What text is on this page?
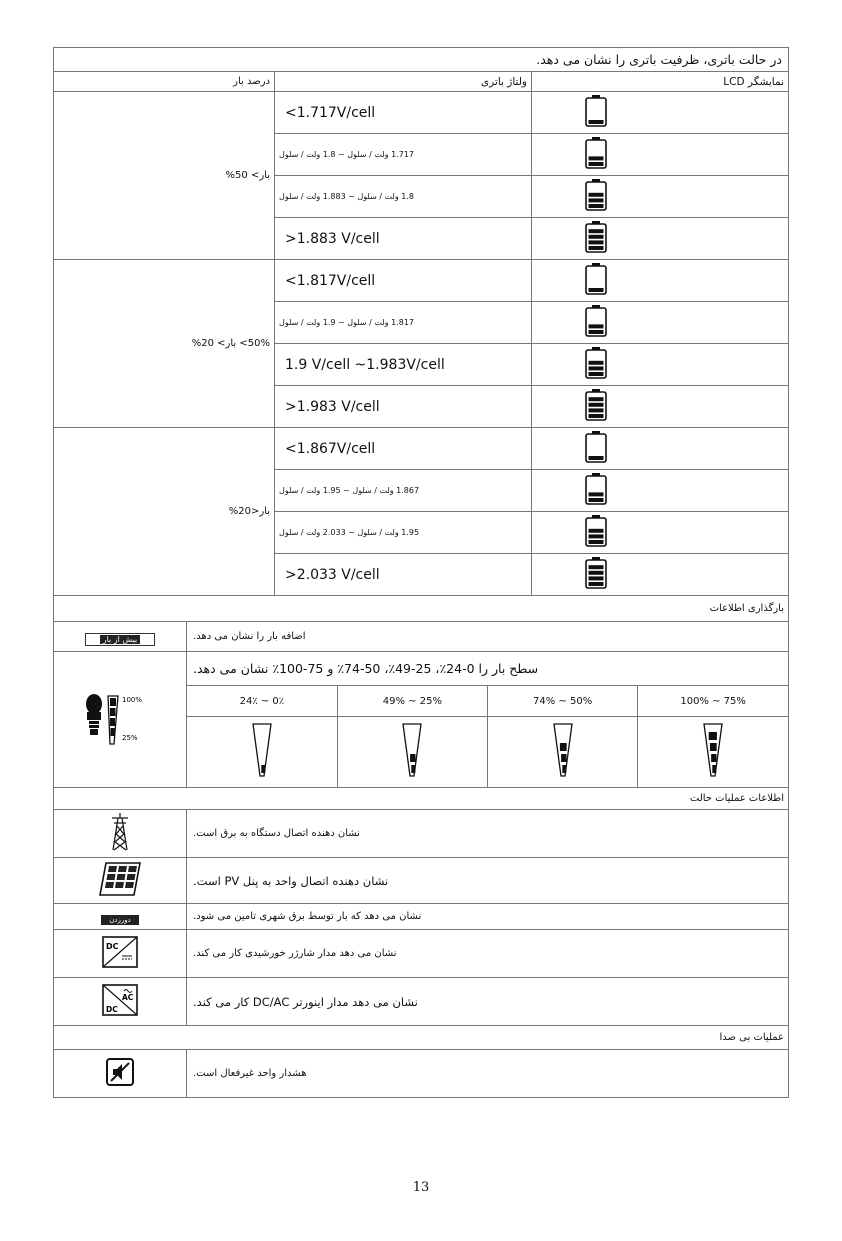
در حالت باتری، ظرفیت باتری را نشان می دهد.
درصد بار	ولتاژ باتری	نمایشگر LCD
بار> 50%	<1.717V/cell	
1.717 ولت / سلول ~ 1.8 ولت / سلول	
1.8 ولت / سلول ~ 1.883 ولت / سلول	
>1.883 V/cell	
50%> بار> 20%	<1.817V/cell	
1.817 ولت / سلول ~ 1.9 ولت / سلول	
1.9 V/cell ~1.983V/cell	
>1.983 V/cell	
بار<20%	<1.867V/cell	
1.867 ولت / سلول ~ 1.95 ولت / سلول	
1.95 ولت / سلول ~ 2.033 ولت / سلول	
>2.033 V/cell	
بارگذاری اطلاعات
بیش از بار	اضافه بار را نشان می دهد.

100%
25%
	سطح بار را 0-24٪، 25-49٪، 50-74٪ و 75-100٪ نشان می دهد.

24٪ ~ 0٪	49% ~ 25%	74% ~ 50%	100% ~ 75%

اطلاعات عملیات حالت
	نشان دهنده اتصال دستگاه به برق است.
	نشان دهنده اتصال واحد به پنل PV است.
دورزدن	نشان می دهد که بار توسط برق شهری تامین می شود.

DC
	نشان می دهد مدار شارژر خورشیدی کار می کند.

AC
DC
	نشان می دهد مدار اینورتر DC/AC کار می کند.
عملیات بی صدا
	هشدار واحد غیرفعال است.
13
